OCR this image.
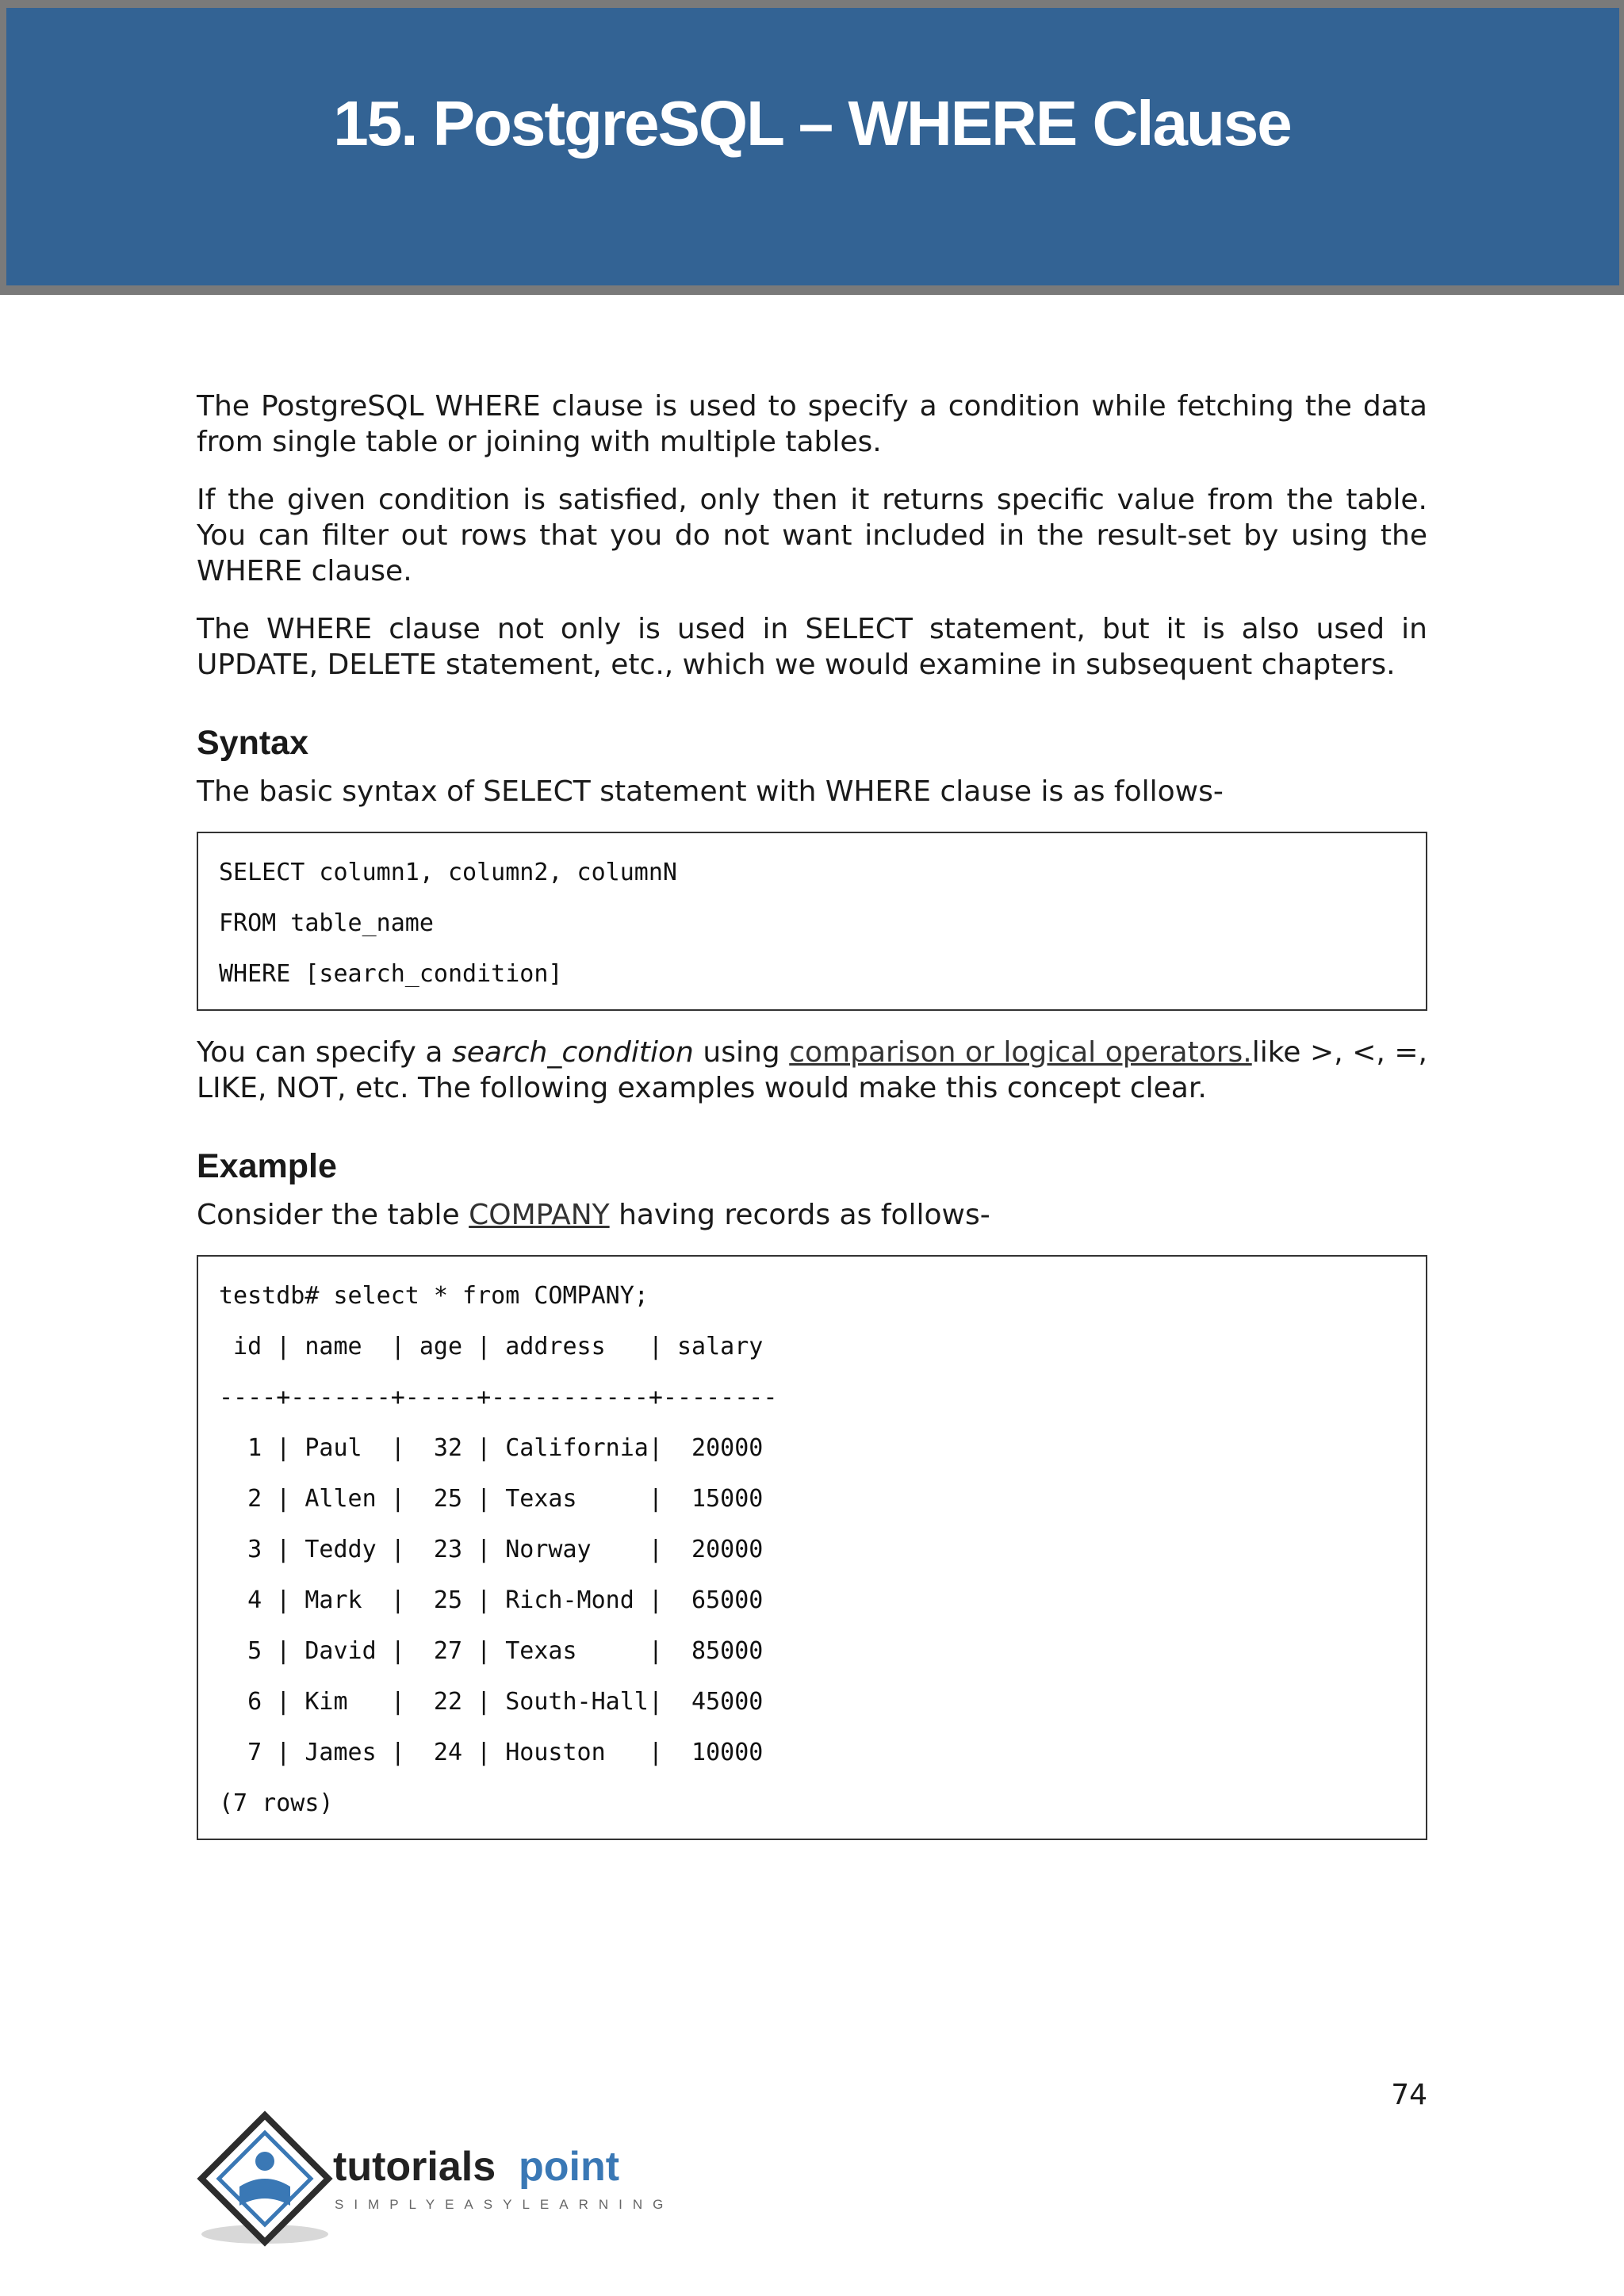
15. PostgreSQL – WHERE Clause

The PostgreSQL WHERE clause is used to specify a condition while fetching the data from single table or joining with multiple tables.

If the given condition is satisfied, only then it returns specific value from the table. You can filter out rows that you do not want included in the result-set by using the WHERE clause.

The WHERE clause not only is used in SELECT statement, but it is also used in UPDATE, DELETE statement, etc., which we would examine in subsequent chapters.

Syntax

The basic syntax of SELECT statement with WHERE clause is as follows-

SELECT column1, column2, columnN
FROM table_name
WHERE [search_condition]

You can specify a search_condition using comparison or logical operators.like >, <, =, LIKE, NOT, etc. The following examples would make this concept clear.

Example

Consider the table COMPANY having records as follows-

testdb# select * from COMPANY;
id | name  | age | address   | salary
----+-------+-----+-----------+--------
1 | Paul  |  32 | California|  20000
2 | Allen |  25 | Texas     |  15000
3 | Teddy |  23 | Norway    |  20000
4 | Mark  |  25 | Rich-Mond |  65000
5 | David |  27 | Texas     |  85000
6 | Kim   |  22 | South-Hall|  45000
7 | James |  24 | Houston   |  10000
(7 rows)
74
tutorials point
SIMPLYEASYLEARNING
